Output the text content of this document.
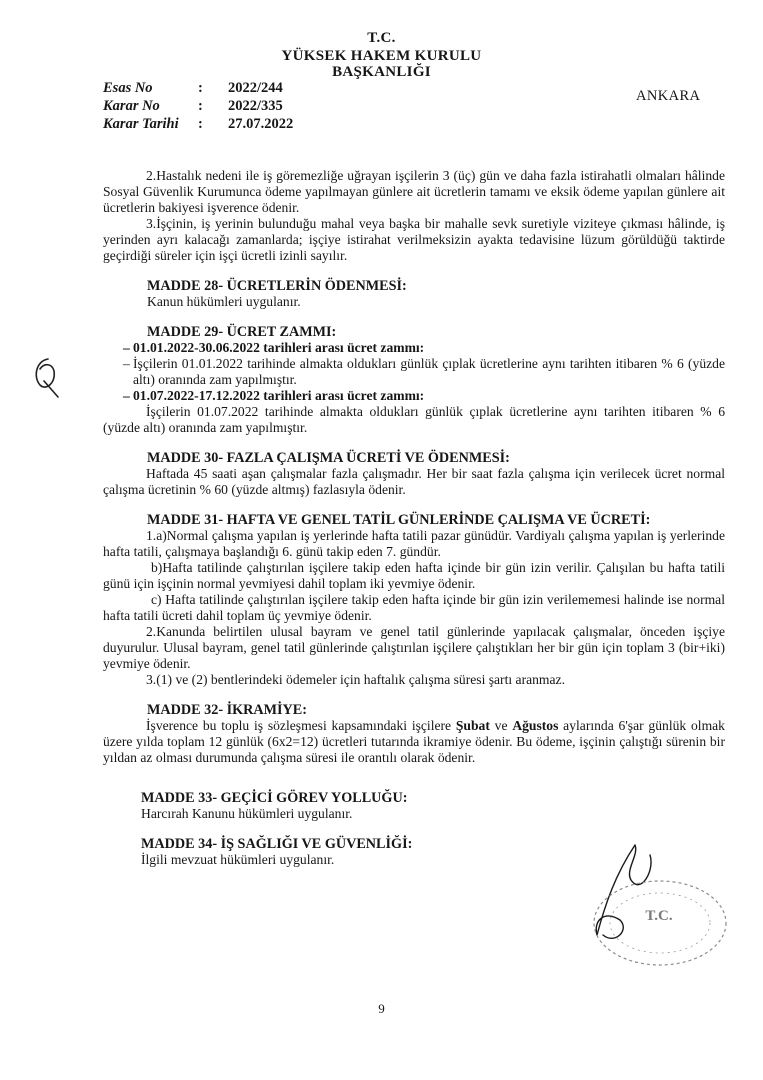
T.C.
YÜKSEK HAKEM KURULU
BAŞKANLIĞI
Esas No	:	2022/244
Karar No	:	2022/335
Karar Tarihi	:	27.07.2022
ANKARA

2.Hastalık nedeni ile iş göremezliğe uğrayan işçilerin 3 (üç) gün ve daha fazla istirahatli olmaları hâlinde Sosyal Güvenlik Kurumunca ödeme yapılmayan günlere ait ücretlerin tamamı ve eksik ödeme yapılan günlere ait ücretlerin bakiyesi işverence ödenir.

3.İşçinin, iş yerinin bulunduğu mahal veya başka bir mahalle sevk suretiyle viziteye çıkması hâlinde, iş yerinden ayrı kalacağı zamanlarda; işçiye istirahat verilmeksizin ayakta tedavisine lüzum görüldüğü taktirde geçirdiği süreler için işçi ücretli izinli sayılır.

MADDE 28- ÜCRETLERİN ÖDENMESİ:

Kanun hükümleri uygulanır.

MADDE 29- ÜCRET ZAMMI:

– 01.01.2022-30.06.2022 tarihleri arası ücret zammı:

– İşçilerin 01.01.2022 tarihinde almakta oldukları günlük çıplak ücretlerine aynı tarihten itibaren % 6 (yüzde altı) oranında zam yapılmıştır.

– 01.07.2022-17.12.2022 tarihleri arası ücret zammı:

İşçilerin 01.07.2022 tarihinde almakta oldukları günlük çıplak ücretlerine aynı tarihten itibaren % 6 (yüzde altı) oranında zam yapılmıştır.

MADDE 30- FAZLA ÇALIŞMA ÜCRETİ VE ÖDENMESİ:

Haftada 45 saati aşan çalışmalar fazla çalışmadır. Her bir saat fazla çalışma için verilecek ücret normal çalışma ücretinin % 60 (yüzde altmış) fazlasıyla ödenir.

MADDE 31- HAFTA VE GENEL TATİL GÜNLERİNDE ÇALIŞMA VE ÜCRETİ:

1.a)Normal çalışma yapılan iş yerlerinde hafta tatili pazar günüdür. Vardiyalı çalışma yapılan iş yerlerinde hafta tatili, çalışmaya başlandığı 6. günü takip eden 7. gündür.

b)Hafta tatilinde çalıştırılan işçilere takip eden hafta içinde bir gün izin verilir. Çalışılan bu hafta tatili günü için işçinin normal yevmiyesi dahil toplam iki yevmiye ödenir.

c) Hafta tatilinde çalıştırılan işçilere takip eden hafta içinde bir gün izin verilememesi halinde ise normal hafta tatili ücreti dahil toplam üç yevmiye ödenir.

2.Kanunda belirtilen ulusal bayram ve genel tatil günlerinde yapılacak çalışmalar, önceden işçiye duyurulur. Ulusal bayram, genel tatil günlerinde çalıştırılan işçilere çalıştıkları her bir gün için toplam 3 (bir+iki) yevmiye ödenir.

3.(1) ve (2) bentlerindeki ödemeler için haftalık çalışma süresi şartı aranmaz.

MADDE 32- İKRAMİYE:

İşverence bu toplu iş sözleşmesi kapsamındaki işçilere Şubat ve Ağustos aylarında 6'şar günlük olmak üzere yılda toplam 12 günlük (6x2=12) ücretleri tutarında ikramiye ödenir. Bu ödeme, işçinin çalıştığı sürenin bir yıldan az olması durumunda çalışma süresi ile orantılı olarak ödenir.

MADDE 33- GEÇİCİ GÖREV YOLLUĞU:

Harcırah Kanunu hükümleri uygulanır.

MADDE 34- İŞ SAĞLIĞI VE GÜVENLİĞİ:

İlgili mevzuat hükümleri uygulanır.

T.C.
9
